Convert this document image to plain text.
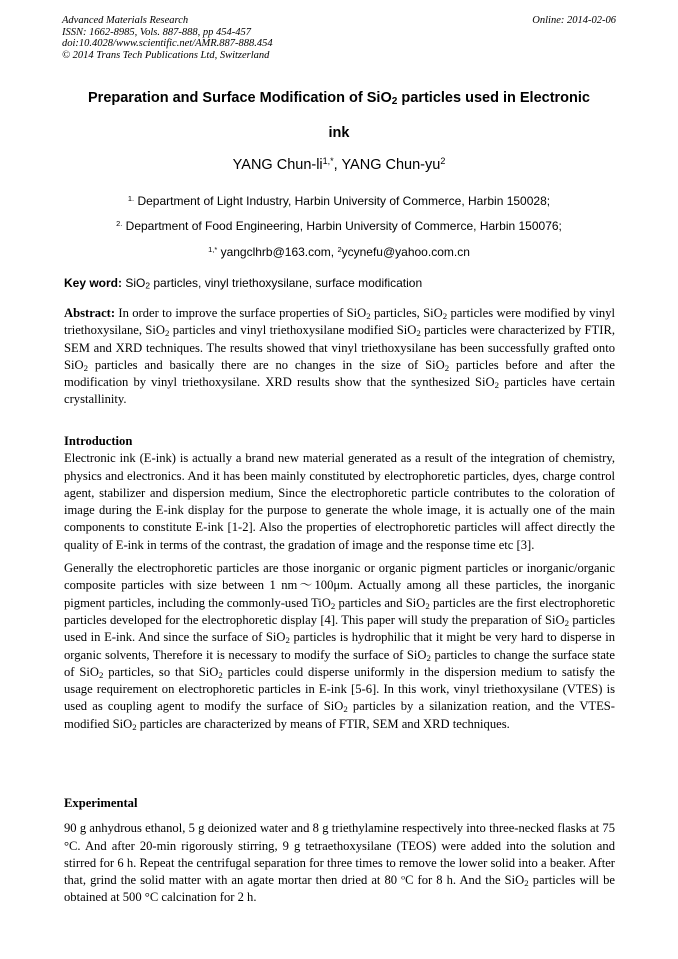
Advanced Materials Research
ISSN: 1662-8985, Vols. 887-888, pp 454-457
doi:10.4028/www.scientific.net/AMR.887-888.454
© 2014 Trans Tech Publications Ltd, Switzerland
Online: 2014-02-06
Preparation and Surface Modification of SiO$_2$ particles used in Electronic
ink
YANG Chun-$li^{1,*}$, YANG Chun-$yu^2$
$^{1.}$ Department of Light Industry, Harbin University of Commerce, Harbin 150028;
$^{2.}$ Department of Food Engineering, Harbin University of Commerce, Harbin 150076;
$^{1,*}$ yangclhrb@163.com, $^2$ycynefu@yahoo.com.cn
Key word: SiO$_2$ particles, vinyl triethoxysilane, surface modification
Abstract: In order to improve the surface properties of SiO$_2$ particles, SiO$_2$ particles were modified by vinyl triethoxysilane, SiO$_2$ particles and vinyl triethoxysilane modified SiO$_2$ particles were characterized by FTIR, SEM and XRD techniques. The results showed that vinyl triethoxysilane has been successfully grafted onto SiO$_2$ particles and basically there are no changes in the size of SiO$_2$ particles before and after the modification by vinyl triethoxysilane. XRD results show that the synthesized SiO$_2$ particles have certain crystallinity.
Introduction
Electronic ink (E-ink) is actually a brand new material generated as a result of the integration of chemistry, physics and electronics. And it has been mainly constituted by electrophoretic particles, dyes, charge control agent, stabilizer and dispersion medium, Since the electrophoretic particle contributes to the coloration of image during the E-ink display for the purpose to generate the whole image, it is actually one of the main components to constitute E-ink [1-2]. Also the properties of electrophoretic particles will affect directly the quality of E-ink in terms of the contrast, the gradation of image and the response time etc [3].
Generally the electrophoretic particles are those inorganic or organic pigment particles or inorganic/organic composite particles with size between 1 nm～100μm. Actually among all these particles, the inorganic pigment particles, including the commonly-used TiO$_2$ particles and SiO$_2$ particles are the first electrophoretic particles developed for the electrophoretic display [4]. This paper will study the preparation of SiO$_2$ particles used in E-ink. And since the surface of SiO$_2$ particles is hydrophilic that it might be very hard to disperse in organic solvents, Therefore it is necessary to modify the surface of SiO$_2$ particles to change the surface state of SiO$_2$ particles, so that SiO$_2$ particles could disperse uniformly in the dispersion medium to satisfy the usage requirement on electrophoretic particles in E-ink [5-6]. In this work, vinyl triethoxysilane (VTES) is used as coupling agent to modify the surface of SiO$_2$ particles by a silanization reation, and the VTES-modified SiO$_2$ particles are characterized by means of FTIR, SEM and XRD techniques.
Experimental
90 g anhydrous ethanol, 5 g deionized water and 8 g triethylamine respectively into three-necked flasks at 75 °C. And after 20-min rigorously stirring, 9 g tetraethoxysilane (TEOS) were added into the solution and stirred for 6 h. Repeat the centrifugal separation for three times to remove the lower solid into a beaker. After that, grind the solid matter with an agate mortar then dried at 80 $^o$C for 8 h. And the SiO$_2$ particles will be obtained at 500 °C calcination for 2 h.
